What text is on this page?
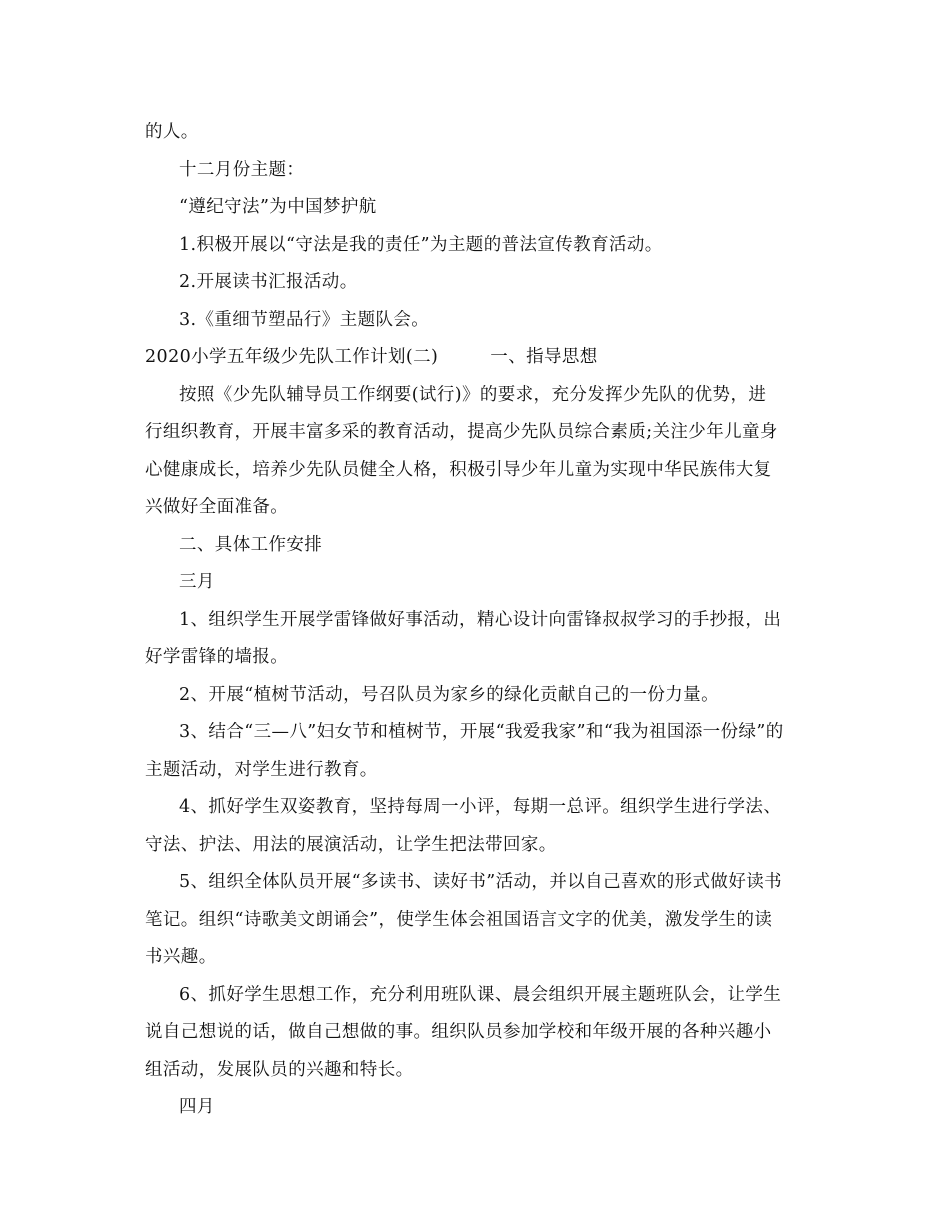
的人。
十二月份主题：
“遵纪守法”为中国梦护航
1.积极开展以“守法是我的责任”为主题的普法宣传教育活动。
2.开展读书汇报活动。
3.《重细节塑品行》主题队会。
2020小学五年级少先队工作计划(二)	一、指导思想
按照《少先队辅导员工作纲要(试行)》的要求，充分发挥少先队的优势，进
行组织教育，开展丰富多采的教育活动，提高少先队员综合素质;关注少年儿童身
心健康成长，培养少先队员健全人格，积极引导少年儿童为实现中华民族伟大复
兴做好全面准备。
二、具体工作安排
三月
1、组织学生开展学雷锋做好事活动，精心设计向雷锋叔叔学习的手抄报，出
好学雷锋的墙报。
2、开展“植树节活动，号召队员为家乡的绿化贡献自己的一份力量。
3、结合“三—八”妇女节和植树节，开展“我爱我家”和“我为祖国添一份绿”的
主题活动，对学生进行教育。
4、抓好学生双姿教育，坚持每周一小评，每期一总评。组织学生进行学法、
守法、护法、用法的展演活动，让学生把法带回家。
5、组织全体队员开展“多读书、读好书”活动，并以自己喜欢的形式做好读书
笔记。组织“诗歌美文朗诵会”，使学生体会祖国语言文字的优美，激发学生的读
书兴趣。
6、抓好学生思想工作，充分利用班队课、晨会组织开展主题班队会，让学生
说自己想说的话，做自己想做的事。组织队员参加学校和年级开展的各种兴趣小
组活动，发展队员的兴趣和特长。
四月
